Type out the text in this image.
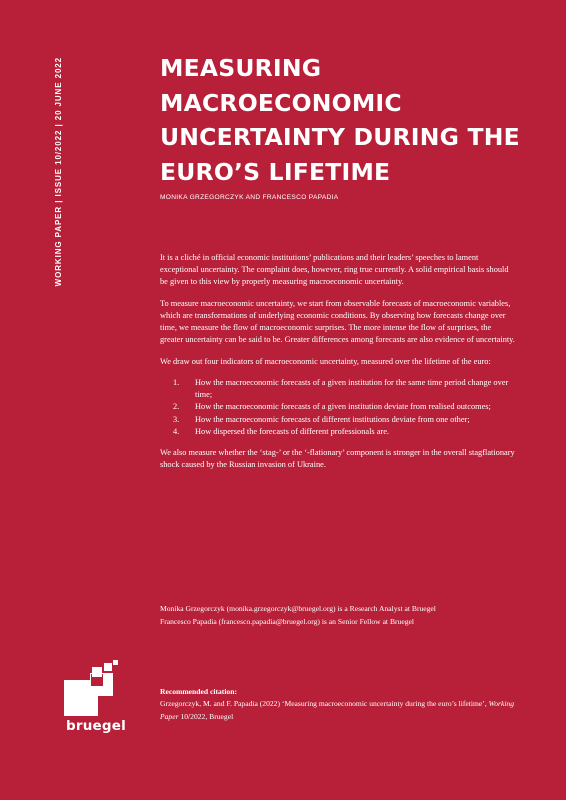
WORKING PAPER | ISSUE 10/2022 | 20 JUNE 2022	MEASURING MACROECONOMIC UNCERTAINTY DURING THE EURO’S LIFETIME
MONIKA GRZEGORCZYK AND FRANCESCO PAPADIA

It is a cliché in official economic institutions’ publications and their leaders’ speeches to lament exceptional uncertainty. The complaint does, however, ring true currently. A solid empirical basis should be given to this view by properly measuring macroeconomic uncertainty.

To measure macroeconomic uncertainty, we start from observable forecasts of macroeconomic variables, which are transformations of underlying economic conditions. By observing how forecasts change over time, we measure the flow of macroeconomic surprises. The more intense the flow of surprises, the greater uncertainty can be said to be. Greater differences among forecasts are also evidence of uncertainty.

We draw out four indicators of macroeconomic uncertainty, measured over the lifetime of the euro:

1.	How the macroeconomic forecasts of a given institution for the same time period change over time;
2.	How the macroeconomic forecasts of a given institution deviate from realised outcomes;
3.	How the macroeconomic forecasts of different institutions deviate from one other;
4.	How dispersed the forecasts of different professionals are.

We also measure whether the ‘stag-’ or the ‘-flationary’ component is stronger in the overall stagflationary shock caused by the Russian invasion of Ukraine.

Monika Grzegorczyk (monika.grzegorczyk@bruegel.org) is a Research Analyst at Bruegel
Francesco Papadia (francesco.papadia@bruegel.org) is an Senior Fellow at Bruegel
bruegel
Recommended citation:
Grzegorczyk, M. and F. Papadia (2022) ‘Measuring macroeconomic uncertainty during the euro’s lifetime’, Working Paper 10/2022, Bruegel
